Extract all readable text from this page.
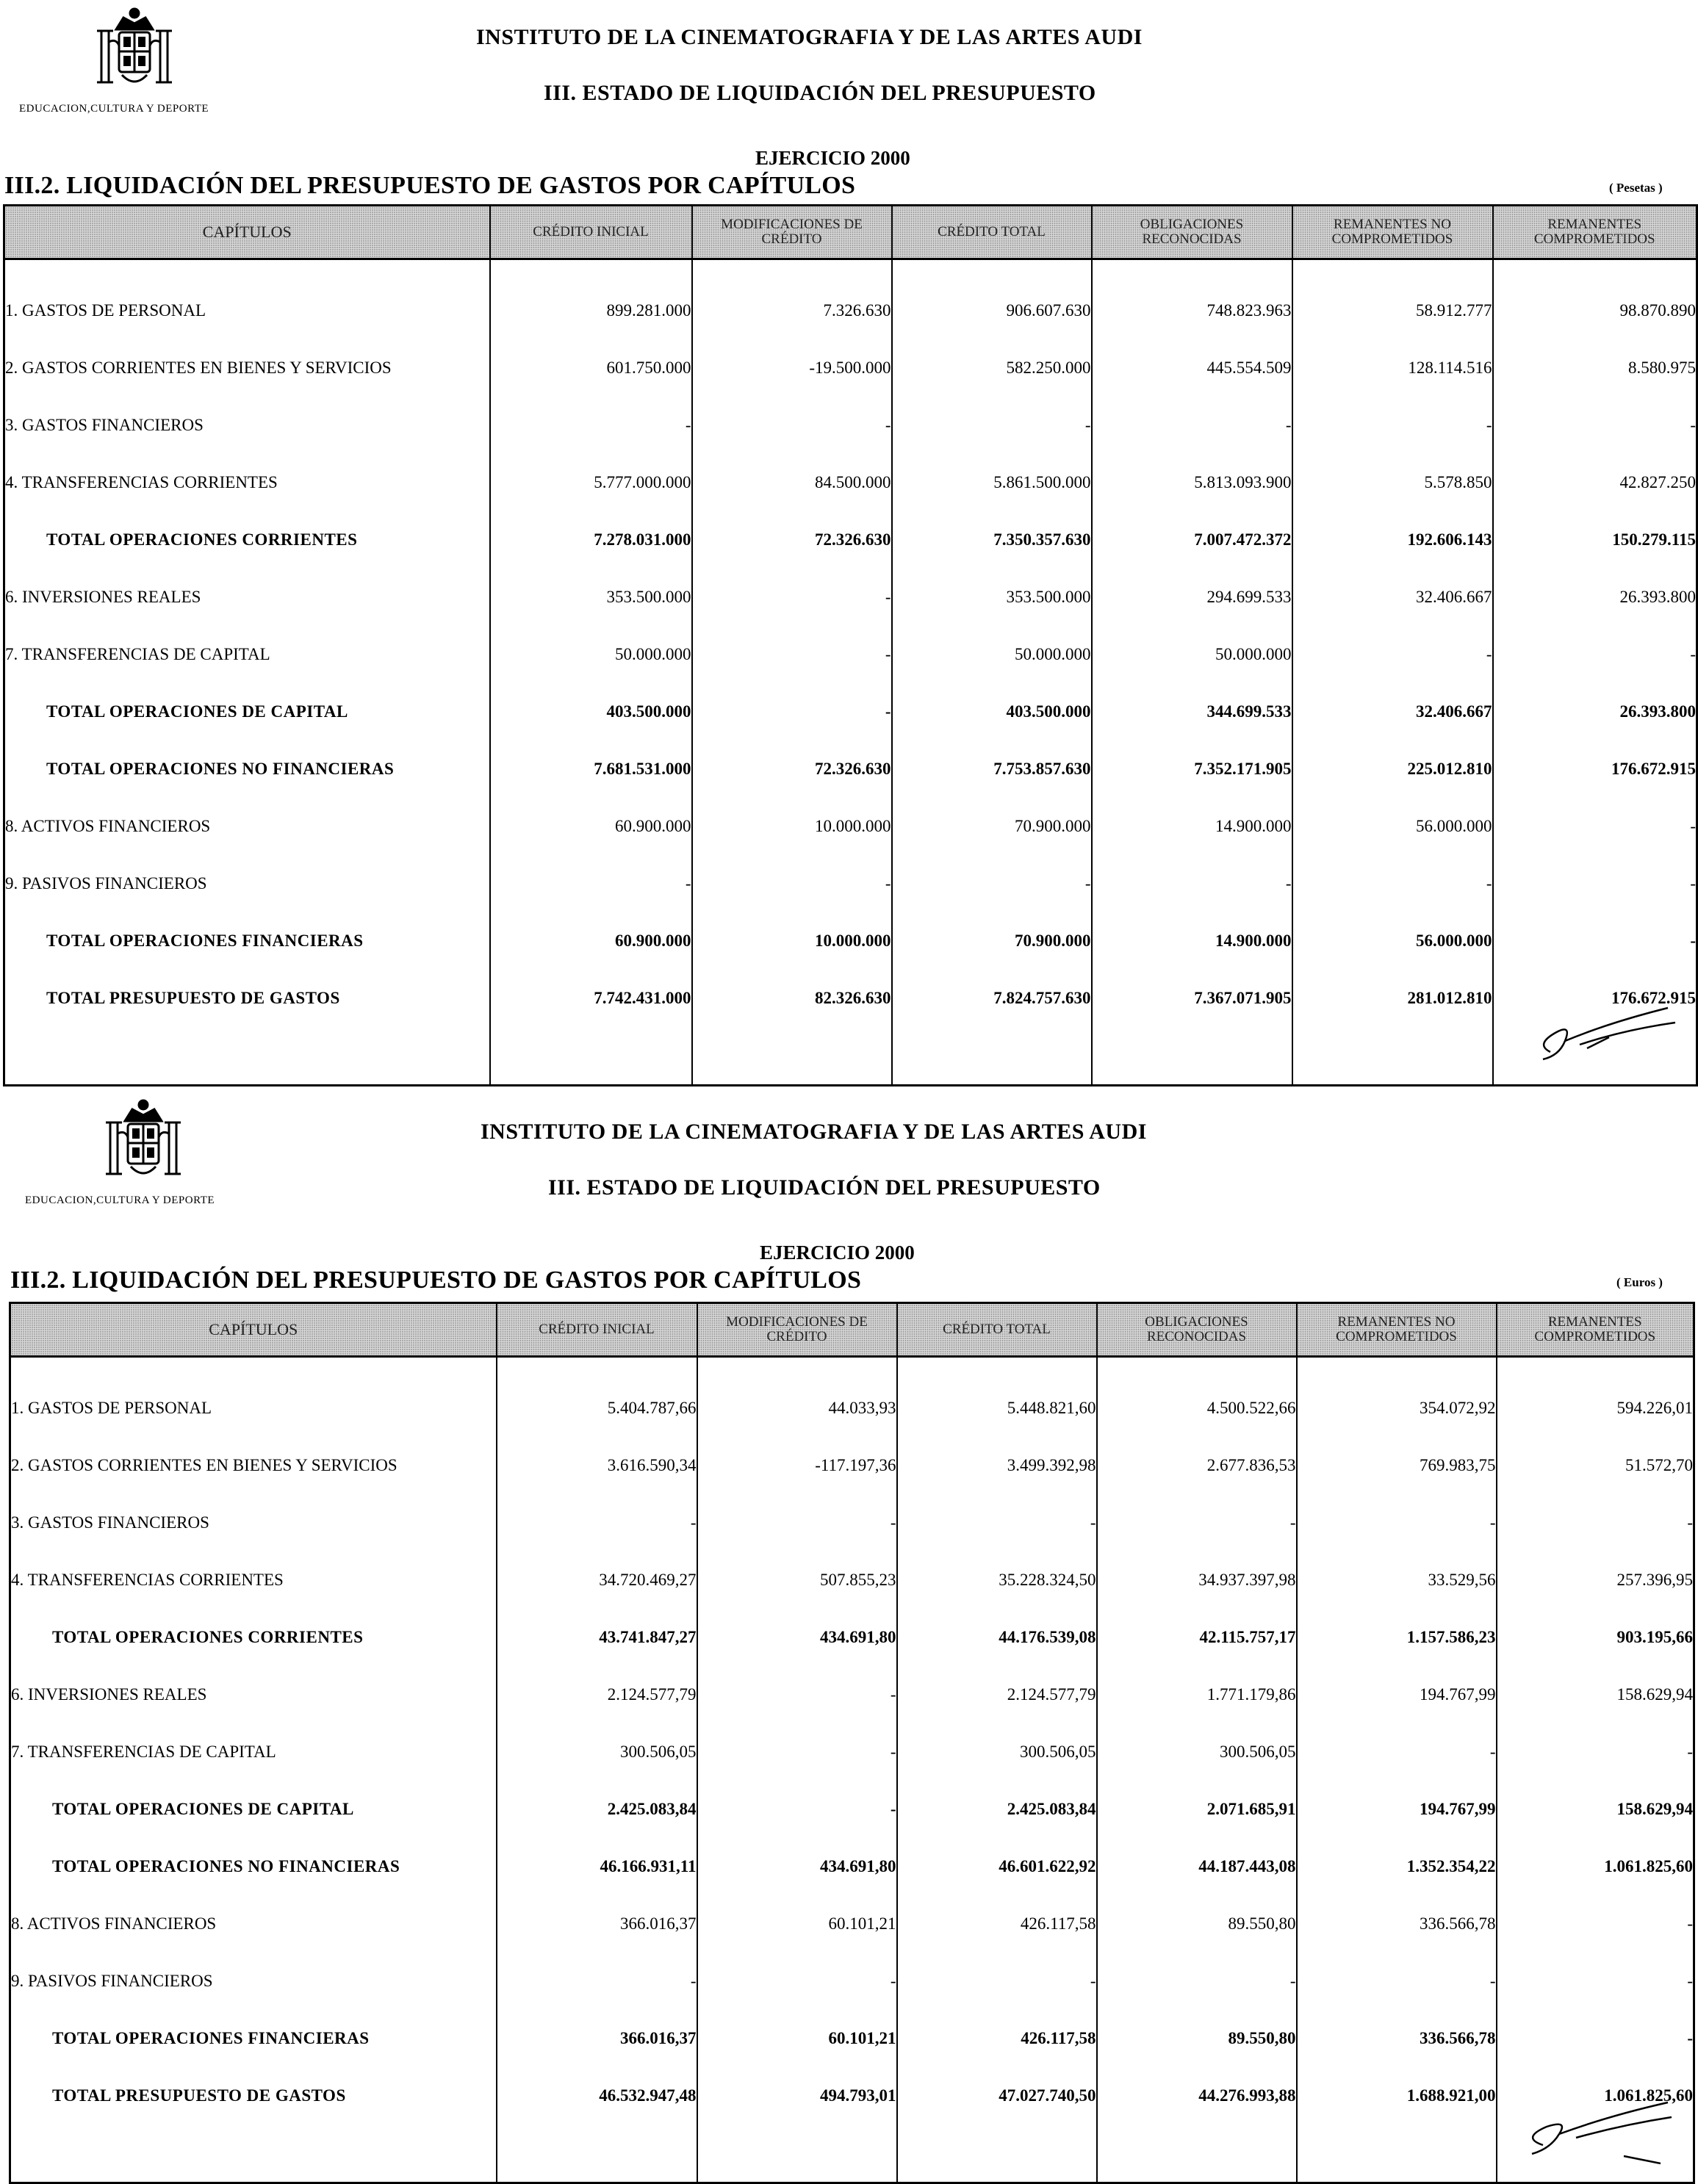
EDUCACION,CULTURA Y DEPORTE
INSTITUTO DE LA CINEMATOGRAFIA Y DE LAS ARTES AUDI
III. ESTADO DE LIQUIDACIÓN DEL PRESUPUESTO
EJERCICIO 2000
III.2. LIQUIDACIÓN DEL PRESUPUESTO DE GASTOS POR CAPÍTULOS	( Pesetas )
CAPÍTULOS	CRÉDITO INICIAL	MODIFICACIONES DE CRÉDITO	CRÉDITO TOTAL	OBLIGACIONES RECONOCIDAS	REMANENTES NO COMPROMETIDOS	REMANENTES COMPROMETIDOS

1. GASTOS DE PERSONAL	899.281.000	7.326.630	906.607.630	748.823.963	58.912.777	98.870.890
2. GASTOS CORRIENTES EN BIENES Y SERVICIOS	601.750.000	-19.500.000	582.250.000	445.554.509	128.114.516	8.580.975
3. GASTOS FINANCIEROS	-	-	-	-	-	-
4. TRANSFERENCIAS CORRIENTES	5.777.000.000	84.500.000	5.861.500.000	5.813.093.900	5.578.850	42.827.250
TOTAL OPERACIONES CORRIENTES	7.278.031.000	72.326.630	7.350.357.630	7.007.472.372	192.606.143	150.279.115
6. INVERSIONES REALES	353.500.000	-	353.500.000	294.699.533	32.406.667	26.393.800
7. TRANSFERENCIAS DE CAPITAL	50.000.000	-	50.000.000	50.000.000	-	-
TOTAL OPERACIONES DE CAPITAL	403.500.000	-	403.500.000	344.699.533	32.406.667	26.393.800
TOTAL OPERACIONES NO FINANCIERAS	7.681.531.000	72.326.630	7.753.857.630	7.352.171.905	225.012.810	176.672.915
8. ACTIVOS FINANCIEROS	60.900.000	10.000.000	70.900.000	14.900.000	56.000.000	-
9. PASIVOS FINANCIEROS	-	-	-	-	-	-
TOTAL OPERACIONES FINANCIERAS	60.900.000	10.000.000	70.900.000	14.900.000	56.000.000	-
TOTAL PRESUPUESTO DE GASTOS	7.742.431.000	82.326.630	7.824.757.630	7.367.071.905	281.012.810	176.672.915

EDUCACION,CULTURA Y DEPORTE
INSTITUTO DE LA CINEMATOGRAFIA Y DE LAS ARTES AUDI
III. ESTADO DE LIQUIDACIÓN DEL PRESUPUESTO
EJERCICIO 2000
III.2. LIQUIDACIÓN DEL PRESUPUESTO DE GASTOS POR CAPÍTULOS	( Euros )
CAPÍTULOS	CRÉDITO INICIAL	MODIFICACIONES DE CRÉDITO	CRÉDITO TOTAL	OBLIGACIONES RECONOCIDAS	REMANENTES NO COMPROMETIDOS	REMANENTES COMPROMETIDOS

1. GASTOS DE PERSONAL	5.404.787,66	44.033,93	5.448.821,60	4.500.522,66	354.072,92	594.226,01
2. GASTOS CORRIENTES EN BIENES Y SERVICIOS	3.616.590,34	-117.197,36	3.499.392,98	2.677.836,53	769.983,75	51.572,70
3. GASTOS FINANCIEROS	-	-	-	-	-	-
4. TRANSFERENCIAS CORRIENTES	34.720.469,27	507.855,23	35.228.324,50	34.937.397,98	33.529,56	257.396,95
TOTAL OPERACIONES CORRIENTES	43.741.847,27	434.691,80	44.176.539,08	42.115.757,17	1.157.586,23	903.195,66
6. INVERSIONES REALES	2.124.577,79	-	2.124.577,79	1.771.179,86	194.767,99	158.629,94
7. TRANSFERENCIAS DE CAPITAL	300.506,05	-	300.506,05	300.506,05	-	-
TOTAL OPERACIONES DE CAPITAL	2.425.083,84	-	2.425.083,84	2.071.685,91	194.767,99	158.629,94
TOTAL OPERACIONES NO FINANCIERAS	46.166.931,11	434.691,80	46.601.622,92	44.187.443,08	1.352.354,22	1.061.825,60
8. ACTIVOS FINANCIEROS	366.016,37	60.101,21	426.117,58	89.550,80	336.566,78	-
9. PASIVOS FINANCIEROS	-	-	-	-	-	-
TOTAL OPERACIONES FINANCIERAS	366.016,37	60.101,21	426.117,58	89.550,80	336.566,78	-
TOTAL PRESUPUESTO DE GASTOS	46.532.947,48	494.793,01	47.027.740,50	44.276.993,88	1.688.921,00	1.061.825,60
